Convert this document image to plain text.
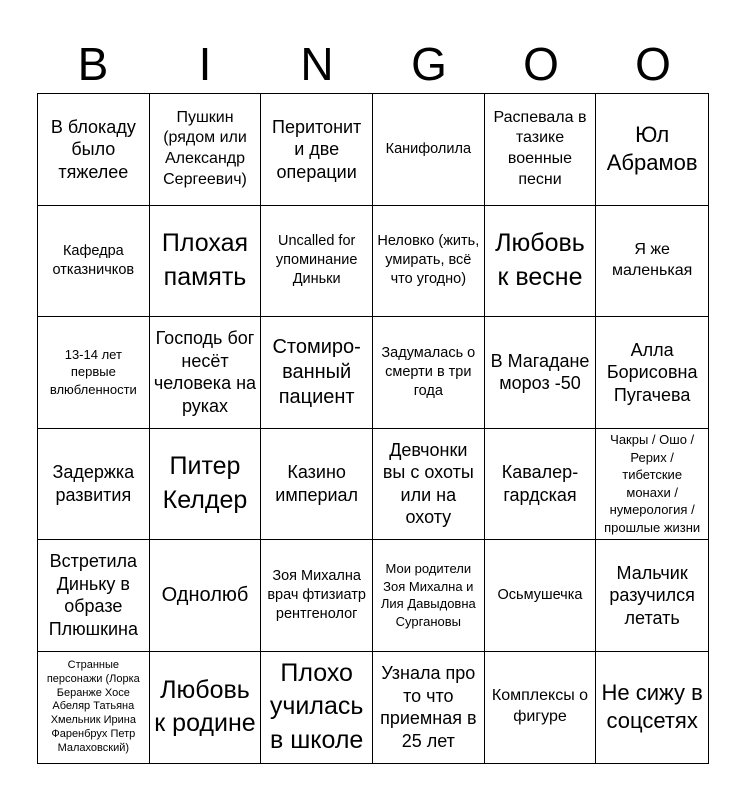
B	I	N	G	O	O
В блокаду было тяжелее
Пушкин (рядом или Александр Сергеевич)
Перитонит и две операции
Канифолила
Распевала в тазике военные песни
Юл Абрамов
Кафедра отказничков
Плохая память
Uncalled for упоминание Диньки
Неловко (жить, умирать, всё что угодно)
Любовь к весне
Я же маленькая
13-14 лет первые влюбленности
Господь бог несёт человека на руках
Стомиро-ванный пациент
Задумалась о смерти в три года
В Магадане мороз -50
Алла Борисовна Пугачева
Задержка развития
Питер Келдер
Казино империал
Девчонки вы с охоты или на охоту
Кавалер-гардская
Чакры / Ошо / Рерих / тибетские монахи / нумерология / прошлые жизни
Встретила Диньку в образе Плюшкина
Однолюб
Зоя Михална врач фтизиатр рентгенолог
Мои родители Зоя Михална и Лия Давыдовна Сургановы
Осьмушечка
Мальчик разучился летать
Странные персонажи (Лорка Беранже Хосе Абеляр Татьяна Хмельник Ирина Фаренбрух Петр Малаховский)
Любовь к родине
Плохо училась в школе
Узнала про то что приемная в 25 лет
Комплексы о фигуре
Не сижу в соцсетях
